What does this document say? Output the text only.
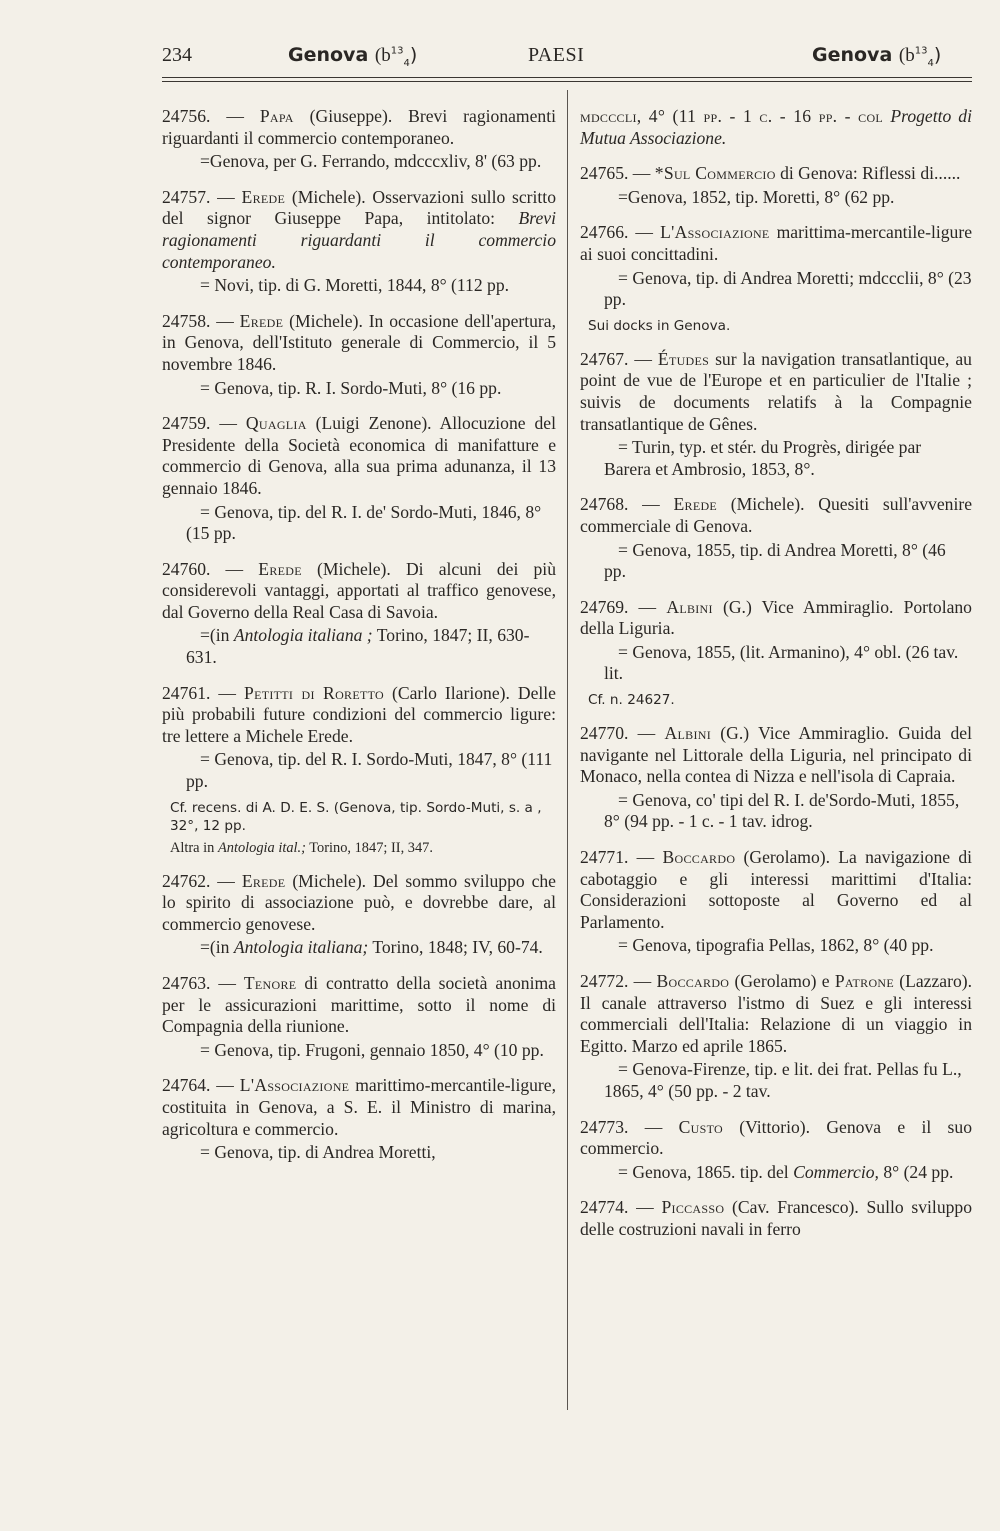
234	Genova $(b^{13}_4)$	PAESI	Genova $(b^{13}_4)$

24756. — Papa (Giuseppe). Brevi ragionamenti riguardanti il commercio contemporaneo.

=Genova, per G. Ferrando, mdcccxliv, 8' (63 pp.

24757. — Erede (Michele). Osservazioni sullo scritto del signor Giuseppe Papa, intitolato: Brevi ragionamenti riguardanti il commercio contemporaneo.

= Novi, tip. di G. Moretti, 1844, 8° (112 pp.

24758. — Erede (Michele). In occasione dell'apertura, in Genova, dell'Istituto generale di Commercio, il 5 novembre 1846.

= Genova, tip. R. I. Sordo-Muti, 8° (16 pp.

24759. — Quaglia (Luigi Zenone). Allocuzione del Presidente della Società economica di manifatture e commercio di Genova, alla sua prima adunanza, il 13 gennaio 1846.

= Genova, tip. del R. I. de' Sordo-Muti, 1846, 8° (15 pp.

24760. — Erede (Michele). Di alcuni dei più considerevoli vantaggi, apportati al traffico genovese, dal Governo della Real Casa di Savoia.

=(in Antologia italiana ; Torino, 1847; II, 630-631.

24761. — Petitti di Roretto (Carlo Ilarione). Delle più probabili future condizioni del commercio ligure: tre lettere a Michele Erede.

= Genova, tip. del R. I. Sordo-Muti, 1847, 8° (111 pp.

Cf. recens. di A. D. E. S. (Genova, tip. Sordo-Muti, s. a , 32°, 12 pp.

Altra in Antologia ital.; Torino, 1847; II, 347.

24762. — Erede (Michele). Del sommo sviluppo che lo spirito di associazione può, e dovrebbe dare, al commercio genovese.

=(in Antologia italiana; Torino, 1848; IV, 60-74.

24763. — Tenore di contratto della società anonima per le assicurazioni marittime, sotto il nome di Compagnia della riunione.

= Genova, tip. Frugoni, gennaio 1850, 4° (10 pp.

24764. — L'Associazione marittimo-mercantile-ligure, costituita in Genova, a S. E. il Ministro di marina, agricoltura e commercio.

= Genova, tip. di Andrea Moretti,

mdcccli, 4° (11 pp. - 1 c. - 16 pp. - col Progetto di Mutua Associazione.

24765. — *Sul Commercio di Genova: Riflessi di......

=Genova, 1852, tip. Moretti, 8° (62 pp.

24766. — L'Associazione marittima-mercantile-ligure ai suoi concittadini.

= Genova, tip. di Andrea Moretti; mdccclii, 8° (23 pp.

Sui docks in Genova.

24767. — Études sur la navigation transatlantique, au point de vue de l'Europe et en particulier de l'Italie ; suivis de documents relatifs à la Compagnie transatlantique de Gênes.

= Turin, typ. et stér. du Progrès, dirigée par Barera et Ambrosio, 1853, 8°.

24768. — Erede (Michele). Quesiti sull'avvenire commerciale di Genova.

= Genova, 1855, tip. di Andrea Moretti, 8° (46 pp.

24769. — Albini (G.) Vice Ammiraglio. Portolano della Liguria.

= Genova, 1855, (lit. Armanino), 4° obl. (26 tav. lit.

Cf. n. 24627.

24770. — Albini (G.) Vice Ammiraglio. Guida del navigante nel Littorale della Liguria, nel principato di Monaco, nella contea di Nizza e nell'isola di Capraia.

= Genova, co' tipi del R. I. de'Sordo-Muti, 1855, 8° (94 pp. - 1 c. - 1 tav. idrog.

24771. — Boccardo (Gerolamo). La navigazione di cabotaggio e gli interessi marittimi d'Italia: Considerazioni sottoposte al Governo ed al Parlamento.

= Genova, tipografia Pellas, 1862, 8° (40 pp.

24772. — Boccardo (Gerolamo) e Patrone (Lazzaro). Il canale attraverso l'istmo di Suez e gli interessi commerciali dell'Italia: Relazione di un viaggio in Egitto. Marzo ed aprile 1865.

= Genova-Firenze, tip. e lit. dei frat. Pellas fu L., 1865, 4° (50 pp. - 2 tav.

24773. — Custo (Vittorio). Genova e il suo commercio.

= Genova, 1865. tip. del Commercio, 8° (24 pp.

24774. — Piccasso (Cav. Francesco). Sullo sviluppo delle costruzioni navali in ferro
